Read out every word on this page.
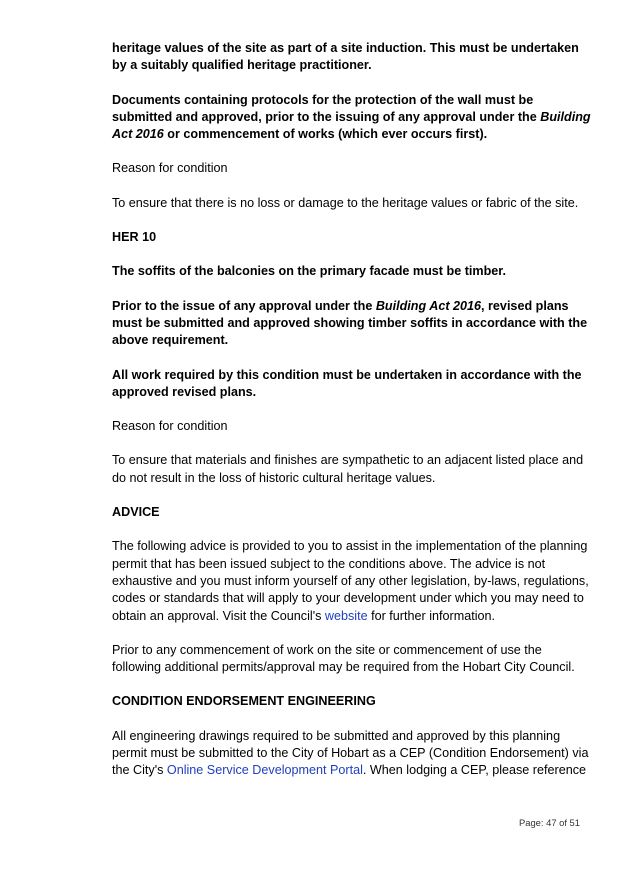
heritage values of the site as part of a site induction. This must be undertaken by a suitably qualified heritage practitioner.

Documents containing protocols for the protection of the wall must be submitted and approved, prior to the issuing of any approval under the Building Act 2016 or commencement of works (which ever occurs first).

Reason for condition

To ensure that there is no loss or damage to the heritage values or fabric of the site.

HER 10

The soffits of the balconies on the primary facade must be timber.

Prior to the issue of any approval under the Building Act 2016, revised plans must be submitted and approved showing timber soffits in accordance with the above requirement.

All work required by this condition must be undertaken in accordance with the approved revised plans.

Reason for condition

To ensure that materials and finishes are sympathetic to an adjacent listed place and do not result in the loss of historic cultural heritage values.

ADVICE

The following advice is provided to you to assist in the implementation of the planning permit that has been issued subject to the conditions above. The advice is not exhaustive and you must inform yourself of any other legislation, by-laws, regulations, codes or standards that will apply to your development under which you may need to obtain an approval. Visit the Council's website for further information.

Prior to any commencement of work on the site or commencement of use the following additional permits/approval may be required from the Hobart City Council.

CONDITION ENDORSEMENT ENGINEERING

All engineering drawings required to be submitted and approved by this planning permit must be submitted to the City of Hobart as a CEP (Condition Endorsement) via the City's Online Service Development Portal. When lodging a CEP, please reference

Page: 47 of 51
